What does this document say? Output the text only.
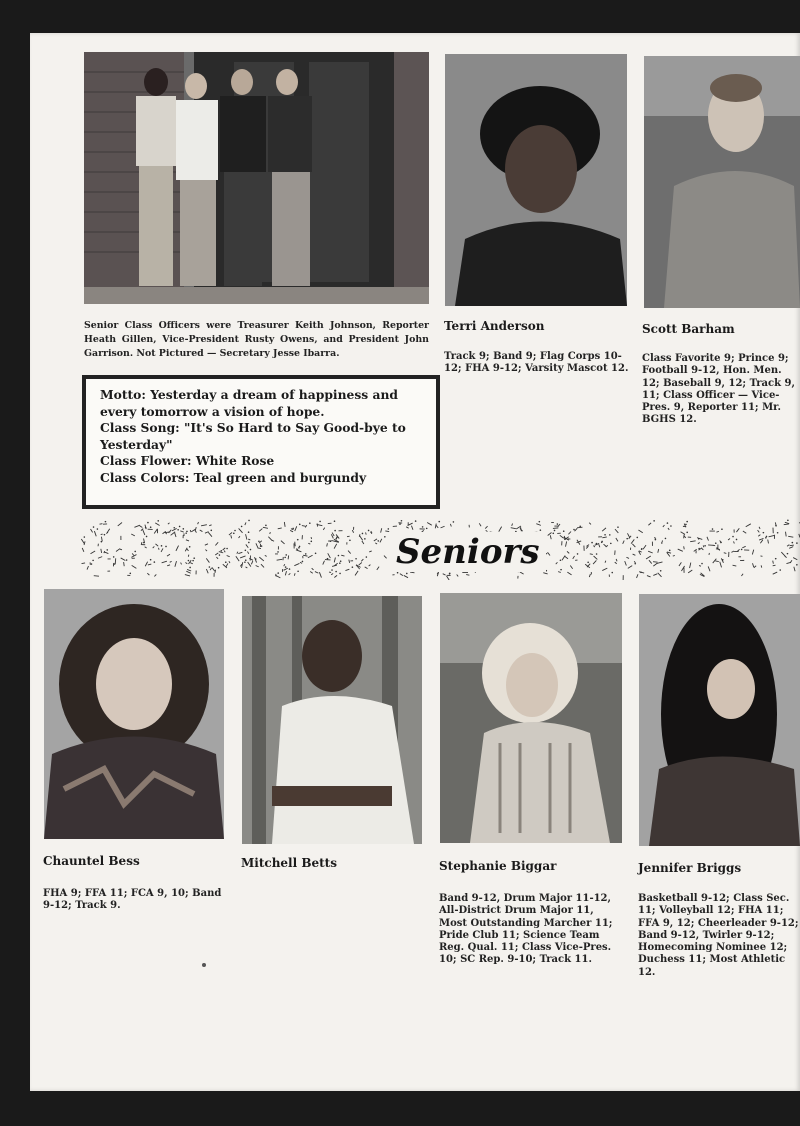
Senior Class Officers were Treasurer Keith Johnson, Reporter Heath Gillen, Vice-President Rusty Owens, and President John Garrison. Not Pictured — Secretary Jesse Ibarra.
Terri Anderson
Track 9; Band 9; Flag Corps 10-12; FHA 9-12; Varsity Mascot 12.
Scott Barham
Class Favorite 9; Prince 9; Football 9-12, Hon. Men. 12; Baseball 9, 12; Track 9, 11; Class Officer — Vice-Pres. 9, Reporter 11; Mr. BGHS 12.
Motto: Yesterday a dream of happiness and
every tomorrow a vision of hope.
Class Song: "It's So Hard to Say Good-bye to
Yesterday"
Class Flower: White Rose
Class Colors: Teal green and burgundy
Seniors
Chauntel Bess
FHA 9; FFA 11; FCA 9, 10; Band 9-12; Track 9.
Mitchell Betts	Stephanie Biggar
Band 9-12, Drum Major 11-12, All-District Drum Major 11, Most Outstanding Marcher 11; Pride Club 11; Science Team Reg. Qual. 11; Class Vice-Pres. 10; SC Rep. 9-10; Track 11.
Jennifer Briggs
Basketball 9-12; Class Sec. 11; Volleyball 12; FHA 11; FFA 9, 12; Cheerleader 9-12; Band 9-12, Twirler 9-12; Homecoming Nominee 12; Duchess 11; Most Athletic 12.
